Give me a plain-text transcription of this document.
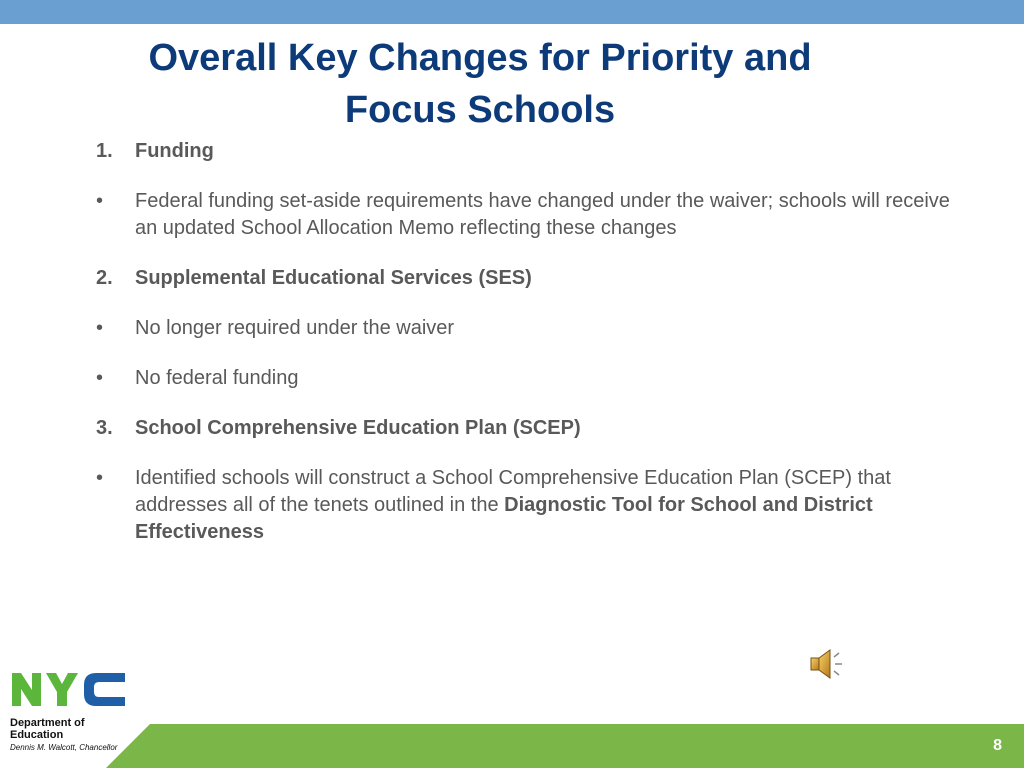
Overall Key Changes for Priority and
Focus Schools
1. Funding
• Federal funding set-aside requirements have changed under the waiver; schools will receive an updated School Allocation Memo reflecting these changes
2. Supplemental Educational Services (SES)
• No longer required under the waiver
• No federal funding
3. School Comprehensive Education Plan (SCEP)
• Identified schools will construct a School Comprehensive Education Plan (SCEP) that addresses all of the tenets outlined in the Diagnostic Tool for School and District Effectiveness
8
Department of
Education
Dennis M. Walcott, Chancellor
